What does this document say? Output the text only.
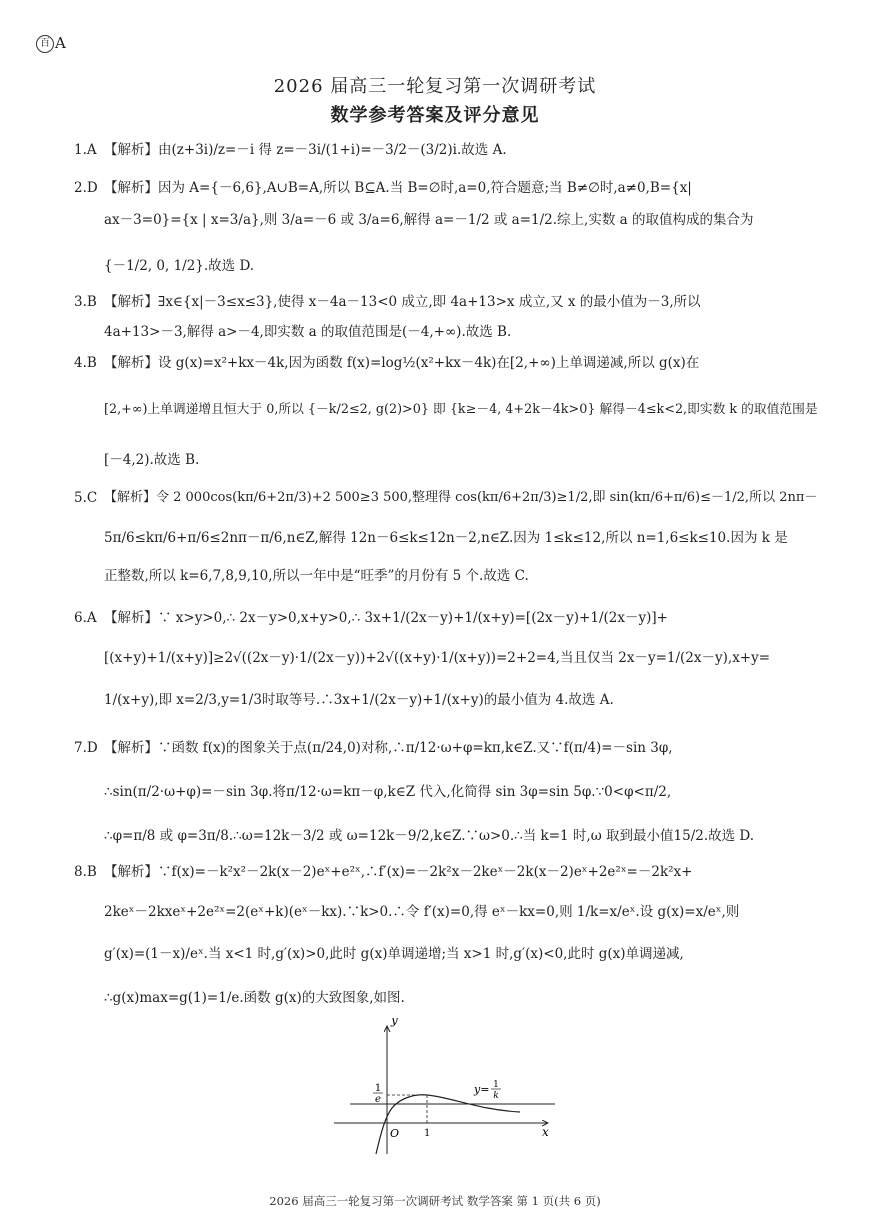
百 A
2026 届高三一轮复习第一次调研考试
数学参考答案及评分意见
1.A 【解析】由(z+3i)/z=－i 得 z=－3i/(1+i)=－3/2－(3/2)i.故选 A.
2.D 【解析】因为 A={－6,6},A∪B=A,所以 B⊆A.当 B=∅时,a=0,符合题意;当 B≠∅时,a≠0,B={x|
ax－3=0}={x | x=3/a},则 3/a=－6 或 3/a=6,解得 a=－1/2 或 a=1/2.综上,实数 a 的取值构成的集合为
{－1/2, 0, 1/2}.故选 D.
3.B 【解析】∃x∈{x|－3≤x≤3},使得 x－4a－13<0 成立,即 4a+13>x 成立,又 x 的最小值为－3,所以
4a+13>－3,解得 a>－4,即实数 a 的取值范围是(－4,+∞).故选 B.
4.B 【解析】设 g(x)=x²+kx－4k,因为函数 f(x)=log½(x²+kx－4k)在[2,+∞)上单调递减,所以 g(x)在
[2,+∞)上单调递增且恒大于 0,所以 {－k/2≤2, g(2)>0} 即 {k≥－4, 4+2k－4k>0} 解得－4≤k<2,即实数 k 的取值范围是
[－4,2).故选 B.
5.C 【解析】令 2 000cos(kπ/6+2π/3)+2 500≥3 500,整理得 cos(kπ/6+2π/3)≥1/2,即 sin(kπ/6+π/6)≤－1/2,所以 2nπ－
5π/6≤kπ/6+π/6≤2nπ－π/6,n∈Z,解得 12n－6≤k≤12n－2,n∈Z.因为 1≤k≤12,所以 n=1,6≤k≤10.因为 k 是
正整数,所以 k=6,7,8,9,10,所以一年中是“旺季”的月份有 5 个.故选 C.
6.A 【解析】∵ x>y>0,∴ 2x－y>0,x+y>0,∴ 3x+1/(2x－y)+1/(x+y)=[(2x－y)+1/(2x－y)]+
[(x+y)+1/(x+y)]≥2√((2x－y)·1/(2x－y))+2√((x+y)·1/(x+y))=2+2=4,当且仅当 2x－y=1/(2x－y),x+y=
1/(x+y),即 x=2/3,y=1/3时取等号.∴3x+1/(2x－y)+1/(x+y)的最小值为 4.故选 A.
7.D 【解析】∵函数 f(x)的图象关于点(π/24,0)对称,∴π/12·ω+φ=kπ,k∈Z.又∵f(π/4)=－sin 3φ,
∴sin(π/2·ω+φ)=－sin 3φ.将π/12·ω=kπ－φ,k∈Z 代入,化简得 sin 3φ=sin 5φ.∵0<φ<π/2,
∴φ=π/8 或 φ=3π/8.∴ω=12k－3/2 或 ω=12k－9/2,k∈Z.∵ω>0.∴当 k=1 时,ω 取到最小值15/2.故选 D.
8.B 【解析】∵f(x)=－k²x²－2k(x－2)eˣ+e²ˣ,∴f′(x)=－2k²x－2keˣ－2k(x－2)eˣ+2e²ˣ=－2k²x+
2keˣ－2kxeˣ+2e²ˣ=2(eˣ+k)(eˣ－kx).∵k>0.∴令 f′(x)=0,得 eˣ－kx=0,则 1/k=x/eˣ.设 g(x)=x/eˣ,则
g′(x)=(1－x)/eˣ.当 x<1 时,g′(x)>0,此时 g(x)单调递增;当 x>1 时,g′(x)<0,此时 g(x)单调递减,
∴g(x)max=g(1)=1/e.函数 g(x)的大致图象,如图.
y
x
O 1
1
e
y= 1
k
2026 届高三一轮复习第一次调研考试 数学答案 第 1 页(共 6 页)
